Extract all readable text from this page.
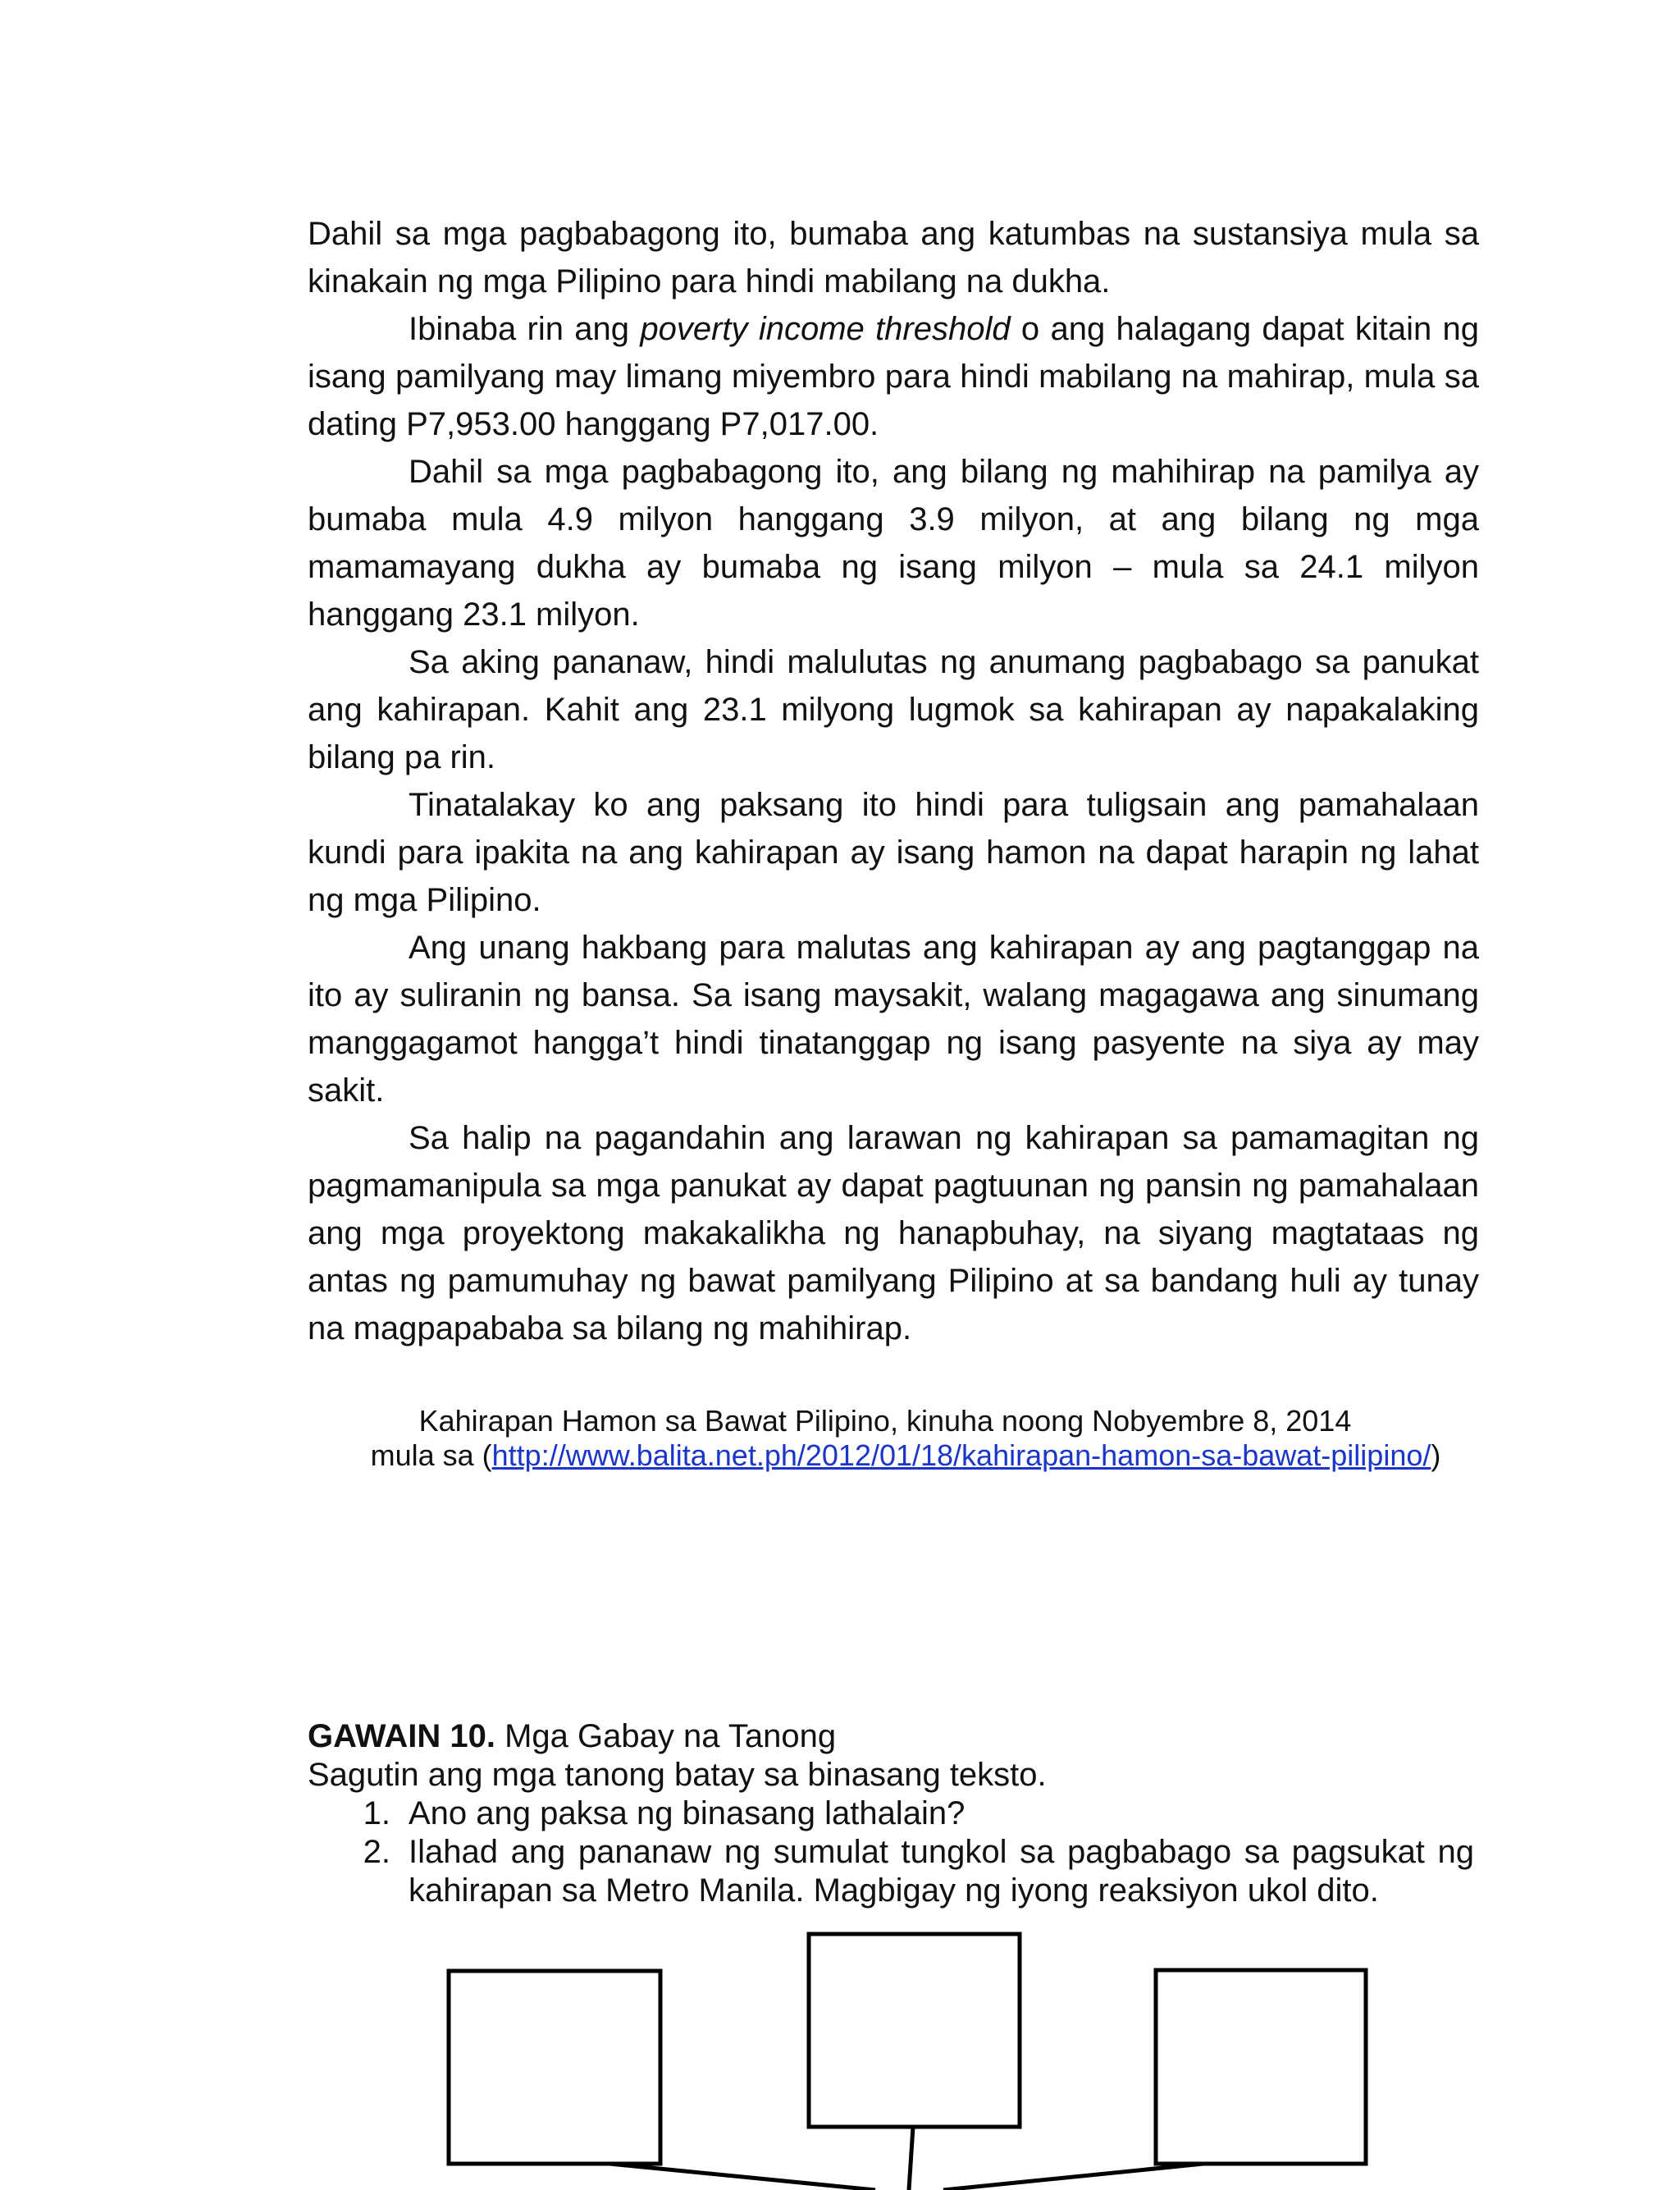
Dahil sa mga pagbabagong ito, bumaba ang katumbas na sustansiya mula sa kinakain ng mga Pilipino para hindi mabilang na dukha.

Ibinaba rin ang poverty income threshold o ang halagang dapat kitain ng isang pamilyang may limang miyembro para hindi mabilang na mahirap, mula sa dating P7,953.00 hanggang P7,017.00.

Dahil sa mga pagbabagong ito, ang bilang ng mahihirap na pamilya ay bumaba mula 4.9 milyon hanggang 3.9 milyon, at ang bilang ng mga mamamayang dukha ay bumaba ng isang milyon – mula sa 24.1 milyon hanggang 23.1 milyon.

Sa aking pananaw, hindi malulutas ng anumang pagbabago sa panukat ang kahirapan. Kahit ang 23.1 milyong lugmok sa kahirapan ay napakalaking bilang pa rin.

Tinatalakay ko ang paksang ito hindi para tuligsain ang pamahalaan kundi para ipakita na ang kahirapan ay isang hamon na dapat harapin ng lahat ng mga Pilipino.

Ang unang hakbang para malutas ang kahirapan ay ang pagtanggap na ito ay suliranin ng bansa. Sa isang maysakit, walang magagawa ang sinumang manggagamot hangga’t hindi tinatanggap ng isang pasyente na siya ay may sakit.

Sa halip na pagandahin ang larawan ng kahirapan sa pamamagitan ng pagmamanipula sa mga panukat ay dapat pagtuunan ng pansin ng pamahalaan ang mga proyektong makakalikha ng hanapbuhay, na siyang magtataas ng antas ng pamumuhay ng bawat pamilyang Pilipino at sa bandang huli ay tunay na magpapababa sa bilang ng mahihirap.

Kahirapan Hamon sa Bawat Pilipino, kinuha noong Nobyembre 8, 2014
mula sa (http://www.balita.net.ph/2012/01/18/kahirapan-hamon-sa-bawat-pilipino/)
GAWAIN 10. Mga Gabay na Tanong
Sagutin ang mga tanong batay sa binasang teksto.
1. Ano ang paksa ng binasang lathalain?
2. Ilahad ang pananaw ng sumulat tungkol sa pagbabago sa pagsukat ng kahirapan sa Metro Manila. Magbigay ng iyong reaksiyon ukol dito.
